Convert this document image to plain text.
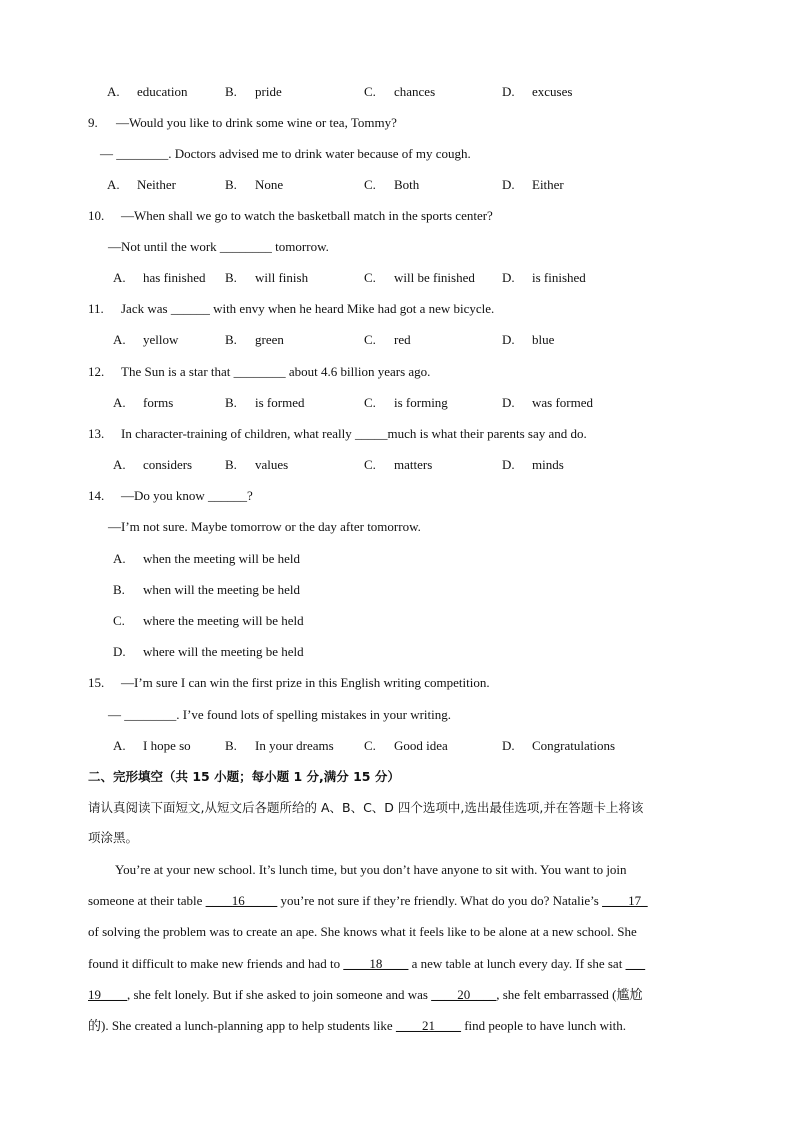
A. education	B. pride	C. chances	D. excuses
9. —Would you like to drink some wine or tea, Tommy?
— ________. Doctors advised me to drink water because of my cough.
A. Neither	B. None	C. Both	D. Either
10. —When shall we go to watch the basketball match in the sports center?
—Not until the work ________ tomorrow.
A. has finished B. will finish	C. will be finished D. is finished
11. Jack was ______ with envy when he heard Mike had got a new bicycle.
A. yellow	B. green	C. red	D. blue
12. The Sun is a star that ________ about 4.6 billion years ago.
A. forms	B. is formed	C. is forming	D. was formed
13. In character-training of children, what really _____much is what their parents say and do.
A. considers	B. values	C. matters	D. minds
14. —Do you know ______?
—I’m not sure. Maybe tomorrow or the day after tomorrow.
A. when the meeting will be held
B. when will the meeting be held
C. where the meeting will be held
D. where will the meeting be held
15. —I’m sure I can win the first prize in this English writing competition.
— ________. I’ve found lots of spelling mistakes in your writing.
A. I hope so	B. In your dreams C. Good idea	D. Congratulations
二、完形填空（共 15 小题；每小题 1 分,满分 15 分）
请认真阅读下面短文,从短文后各题所给的 A、B、C、D 四个选项中,选出最佳选项,并在答题卡上将该
项涂黑。
You’re at your new school. It’s lunch time, but you don’t have anyone to sit with. You want to join
someone at their table ____16_____ you’re not sure if they’re friendly. What do you do? Natalie’s ____17_
of solving the problem was to create an ape. She knows what it feels like to be alone at a new school. She
found it difficult to make new friends and had to ____18____ a new table at lunch every day. If she sat ___
19____, she felt lonely. But if she asked to join someone and was ____20____, she felt embarrassed (尴尬
的). She created a lunch-planning app to help students like ____21____ find people to have lunch with.
